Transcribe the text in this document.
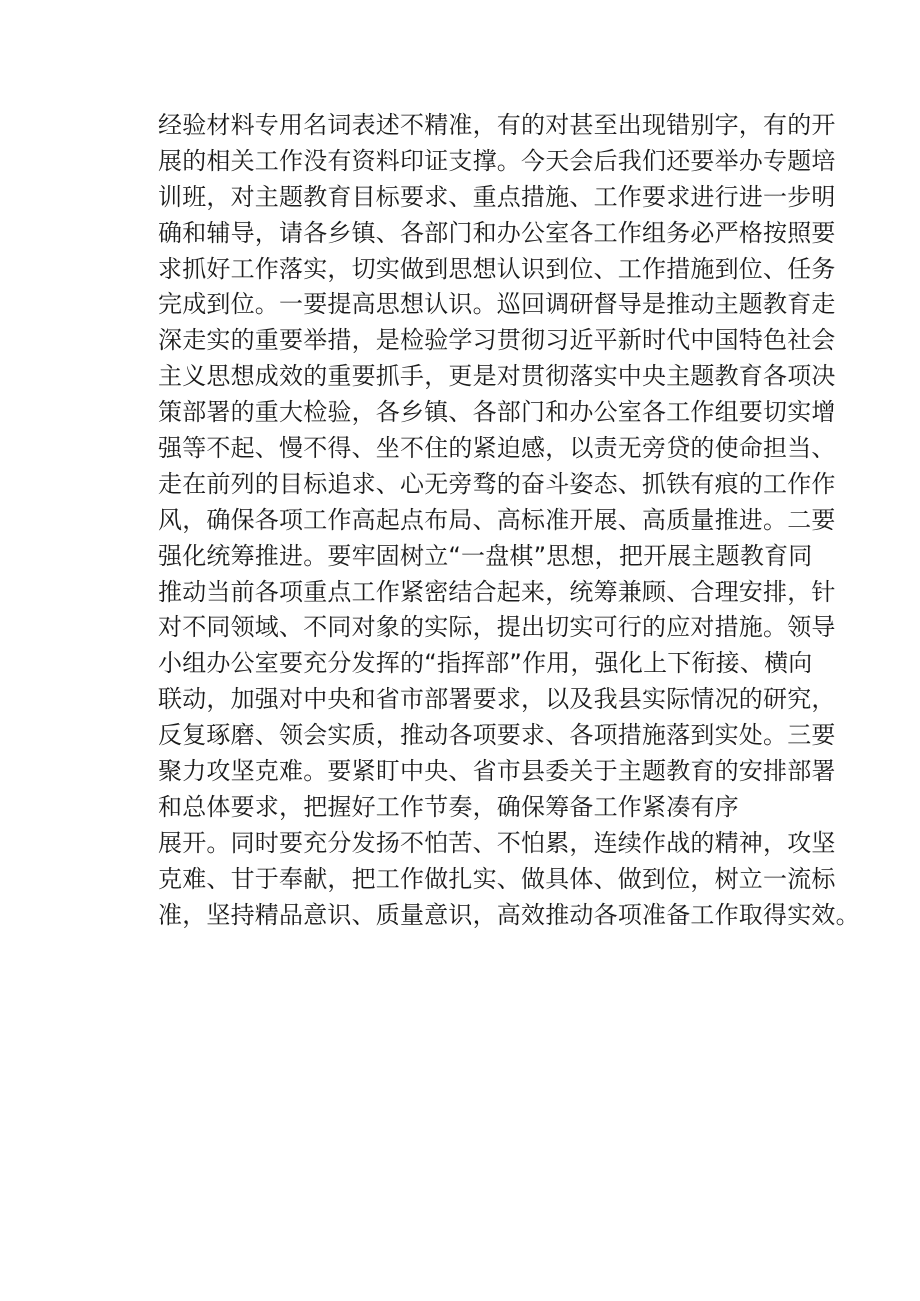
经验材料专用名词表述不精准，有的对甚至出现错别字，有的开
展的相关工作没有资料印证支撑。今天会后我们还要举办专题培
训班，对主题教育目标要求、重点措施、工作要求进行进一步明
确和辅导，请各乡镇、各部门和办公室各工作组务必严格按照要
求抓好工作落实，切实做到思想认识到位、工作措施到位、任务
完成到位。一要提高思想认识。巡回调研督导是推动主题教育走
深走实的重要举措，是检验学习贯彻习近平新时代中国特色社会
主义思想成效的重要抓手，更是对贯彻落实中央主题教育各项决
策部署的重大检验，各乡镇、各部门和办公室各工作组要切实增
强等不起、慢不得、坐不住的紧迫感，以责无旁贷的使命担当、
走在前列的目标追求、心无旁骛的奋斗姿态、抓铁有痕的工作作
风，确保各项工作高起点布局、高标准开展、高质量推进。二要
强化统筹推进。要牢固树立“一盘棋”思想，把开展主题教育同
推动当前各项重点工作紧密结合起来，统筹兼顾、合理安排，针
对不同领域、不同对象的实际，提出切实可行的应对措施。领导
小组办公室要充分发挥的“指挥部”作用，强化上下衔接、横向
联动，加强对中央和省市部署要求，以及我县实际情况的研究，
反复琢磨、领会实质，推动各项要求、各项措施落到实处。三要
聚力攻坚克难。要紧盯中央、省市县委关于主题教育的安排部署
和总体要求，把握好工作节奏，确保筹备工作紧凑有序
展开。同时要充分发扬不怕苦、不怕累，连续作战的精神，攻坚
克难、甘于奉献，把工作做扎实、做具体、做到位，树立一流标
准，坚持精品意识、质量意识，高效推动各项准备工作取得实效。
